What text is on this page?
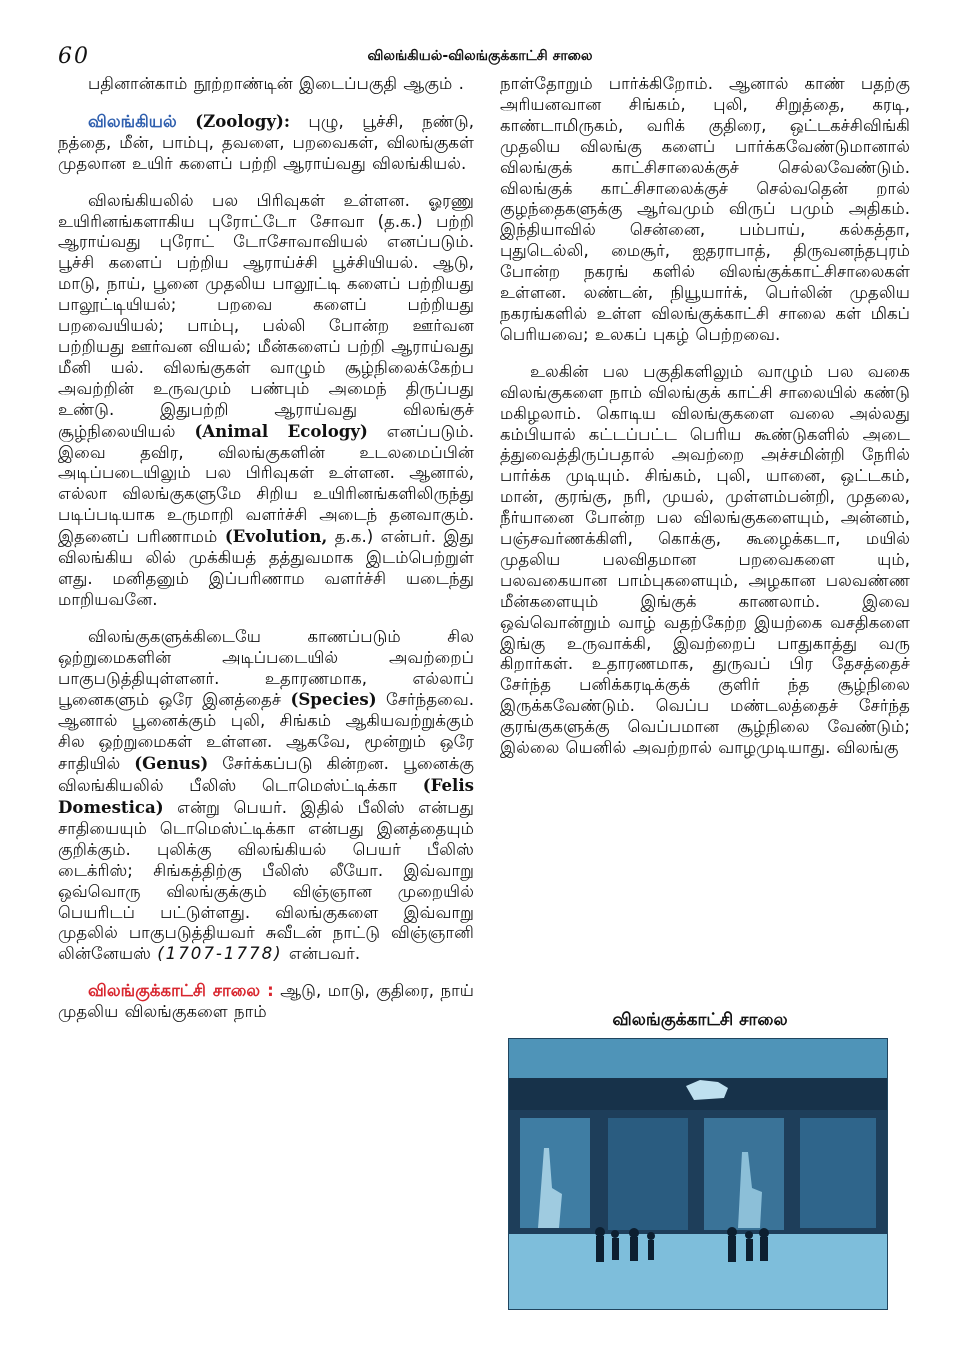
60	விலங்கியல்-விலங்குக்காட்சி சாலை

பதினான்காம் நூற்றாண்டின் இடைப்பகுதி ஆகும் .

விலங்கியல் (Zoology): புழு, பூச்சி, நண்டு, நத்தை, மீன், பாம்பு, தவளை, பறவைகள், விலங்குகள் முதலான உயிர் களைப் பற்றி ஆராய்வது விலங்கியல்.

விலங்கியலில் பல பிரிவுகள் உள்ளன. ஓரணு உயிரினங்களாகிய புரோட்டோ சோவா (த.க.) பற்றி ஆராய்வது புரோட் டோசோவாவியல் எனப்படும். பூச்சி களைப் பற்றிய ஆராய்ச்சி பூச்சியியல். ஆடு, மாடு, நாய், பூனை முதலிய பாலூட்டி களைப் பற்றியது பாலூட்டியியல்; பறவை களைப் பற்றியது பறவையியல்; பாம்பு, பல்லி போன்ற ஊர்வன பற்றியது ஊர்வன வியல்; மீன்களைப் பற்றி ஆராய்வது மீனி யல். விலங்குகள் வாழும் சூழ்நிலைக்கேற்ப அவற்றின் உருவமும் பண்பும் அமைந் திருப்பது உண்டு. இதுபற்றி ஆராய்வது விலங்குச் சூழ்நிலையியல் (Animal Ecology) எனப்படும். இவை தவிர, விலங்குகளின் உடலமைப்பின் அடிப்படையிலும் பல பிரிவுகள் உள்ளன. ஆனால், எல்லா விலங்குகளுமே சிறிய உயிரினங்களிலிருந்து படிப்படியாக உருமாறி வளர்ச்சி அடைந் தனவாகும். இதனைப் பரிணாமம் (Evolution, த.க.) என்பர். இது விலங்கிய லில் முக்கியத் தத்துவமாக இடம்பெற்றுள் ளது. மனிதனும் இப்பரிணாம வளர்ச்சி யடைந்து மாறியவனே.

விலங்குகளுக்கிடையே காணப்படும் சில ஒற்றுமைகளின் அடிப்படையில் அவற்றைப் பாகுபடுத்தியுள்ளனர். உதாரணமாக, எல்லாப் பூனைகளும் ஒரே இனத்தைச் (Species) சேர்ந்தவை. ஆனால் பூனைக்கும் புலி, சிங்கம் ஆகியவற்றுக்கும் சில ஒற்றுமைகள் உள்ளன. ஆகவே, மூன்றும் ஒரே சாதியில் (Genus) சேர்க்கப்படு கின்றன. பூனைக்கு விலங்கியலில் பீலிஸ் டொமெஸ்ட்டிக்கா (Felis Domestica) என்று பெயர். இதில் பீலிஸ் என்பது சாதியையும் டொமெஸ்ட்டிக்கா என்பது இனத்தையும் குறிக்கும். புலிக்கு விலங்கியல் பெயர் பீலிஸ் டைக்ரிஸ்; சிங்கத்திற்கு பீலிஸ் லீயோ. இவ்வாறு ஒவ்வொரு விலங்குக்கும் விஞ்ஞான முறையில் பெயரிடப் பட்டுள்ளது. விலங்குகளை இவ்வாறு முதலில் பாகுபடுத்தியவர் சுவீடன் நாட்டு விஞ்ஞானி லின்னேயஸ் (1707-1778) என்பவர்.

விலங்குக்காட்சி சாலை : ஆடு, மாடு, குதிரை, நாய் முதலிய விலங்குகளை நாம்

நாள்தோறும் பார்க்கிறோம். ஆனால் காண் பதற்கு அரியனவான சிங்கம், புலி, சிறுத்தை, கரடி, காண்டாமிருகம், வரிக் குதிரை, ஒட்டகச்சிவிங்கி முதலிய விலங்கு களைப் பார்க்கவேண்டுமானால் விலங்குக் காட்சிசாலைக்குச் செல்லவேண்டும். விலங்குக் காட்சிசாலைக்குச் செல்வதென் றால் குழந்தைகளுக்கு ஆர்வமும் விருப் பமும் அதிகம். இந்தியாவில் சென்னை, பம்பாய், கல்கத்தா, புதுடெல்லி, மைசூர், ஐதராபாத், திருவனந்தபுரம் போன்ற நகரங் களில் விலங்குக்காட்சிசாலைகள் உள்ளன. லண்டன், நியூயார்க், பெர்லின் முதலிய நகரங்களில் உள்ள விலங்குக்காட்சி சாலை கள் மிகப் பெரியவை; உலகப் புகழ் பெற்றவை.

உலகின் பல பகுதிகளிலும் வாழும் பல வகை விலங்குகளை நாம் விலங்குக் காட்சி சாலையில் கண்டு மகிழலாம். கொடிய விலங்குகளை வலை அல்லது கம்பியால் கட்டப்பட்ட பெரிய கூண்டுகளில் அடை த்துவைத்திருப்பதால் அவற்றை அச்சமின்றி நேரில் பார்க்க முடியும். சிங்கம், புலி, யானை, ஒட்டகம், மான், குரங்கு, நரி, முயல், முள்ளம்பன்றி, முதலை, நீர்யானை போன்ற பல விலங்குகளையும், அன்னம், பஞ்சவர்ணக்கிளி, கொக்கு, கூழைக்கடா, மயில் முதலிய பலவிதமான பறவைகளை யும், பலவகையான பாம்புகளையும், அழகான பலவண்ண மீன்களையும் இங்குக் காணலாம். இவை ஒவ்வொன்றும் வாழ் வதற்கேற்ற இயற்கை வசதிகளை இங்கு உருவாக்கி, இவற்றைப் பாதுகாத்து வரு கிறார்கள். உதாரணமாக, துருவப் பிர தேசத்தைச் சேர்ந்த பனிக்கரடிக்குக் குளிர் ந்த சூழ்நிலை இருக்கவேண்டும். வெப்ப மண்டலத்தைச் சேர்ந்த குரங்குகளுக்கு வெப்பமான சூழ்நிலை வேண்டும்; இல்லை யெனில் அவற்றால் வாழமுடியாது. விலங்கு

விலங்குக்காட்சி சாலை
